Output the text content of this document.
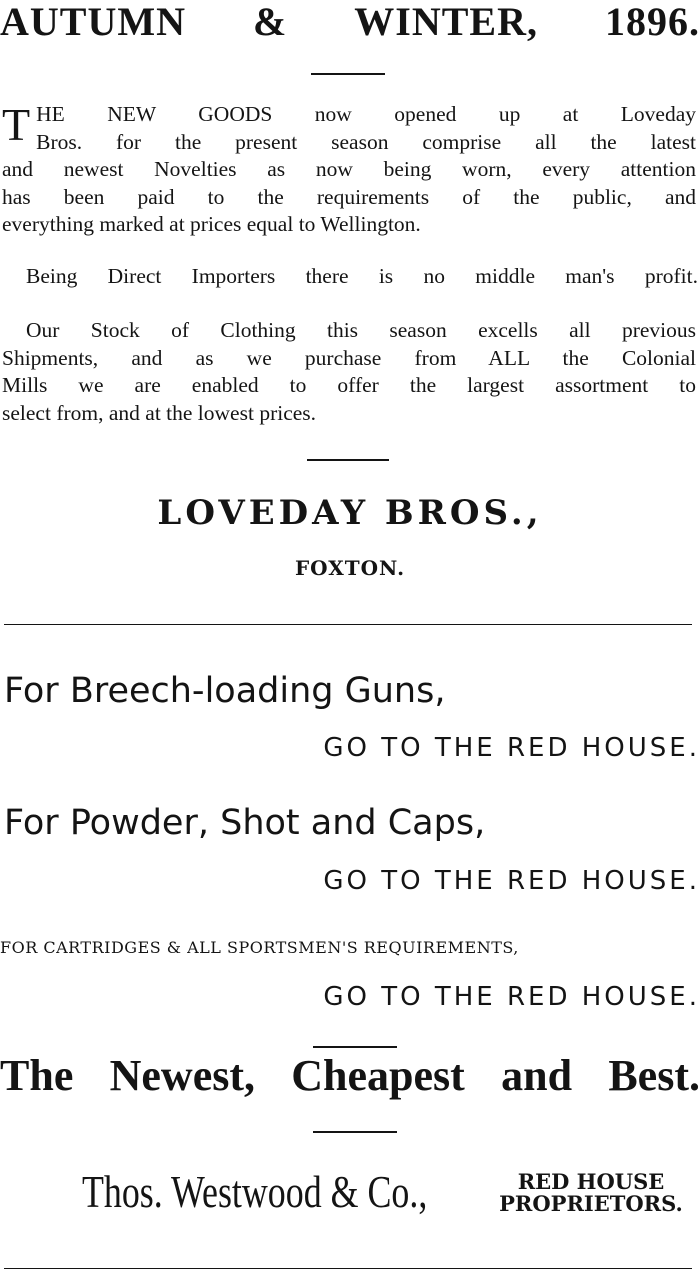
AUTUMN & WINTER, 1896.
T HE NEW GOODS now opened up at Loveday
Bros. for the present season comprise all the latest
and newest Novelties as now being worn, every attention
has been paid to the requirements of the public, and
everything marked at prices equal to Wellington.
Being Direct Importers there is no middle man's profit.
Our Stock of Clothing this season excells all previous
Shipments, and as we purchase from ALL the Colonial
Mills we are enabled to offer the largest assortment to
select from, and at the lowest prices.
LOVEDAY BROS.,
FOXTON.
For Breech-loading Guns,
GO TO THE RED HOUSE.
For Powder, Shot and Caps,
GO TO THE RED HOUSE.
FOR CARTRIDGES & ALL SPORTSMEN'S REQUIREMENTS,
GO TO THE RED HOUSE.
The Newest, Cheapest and Best.
Thos. Westwood & Co.,	RED HOUSE
PROPRIETORS.
